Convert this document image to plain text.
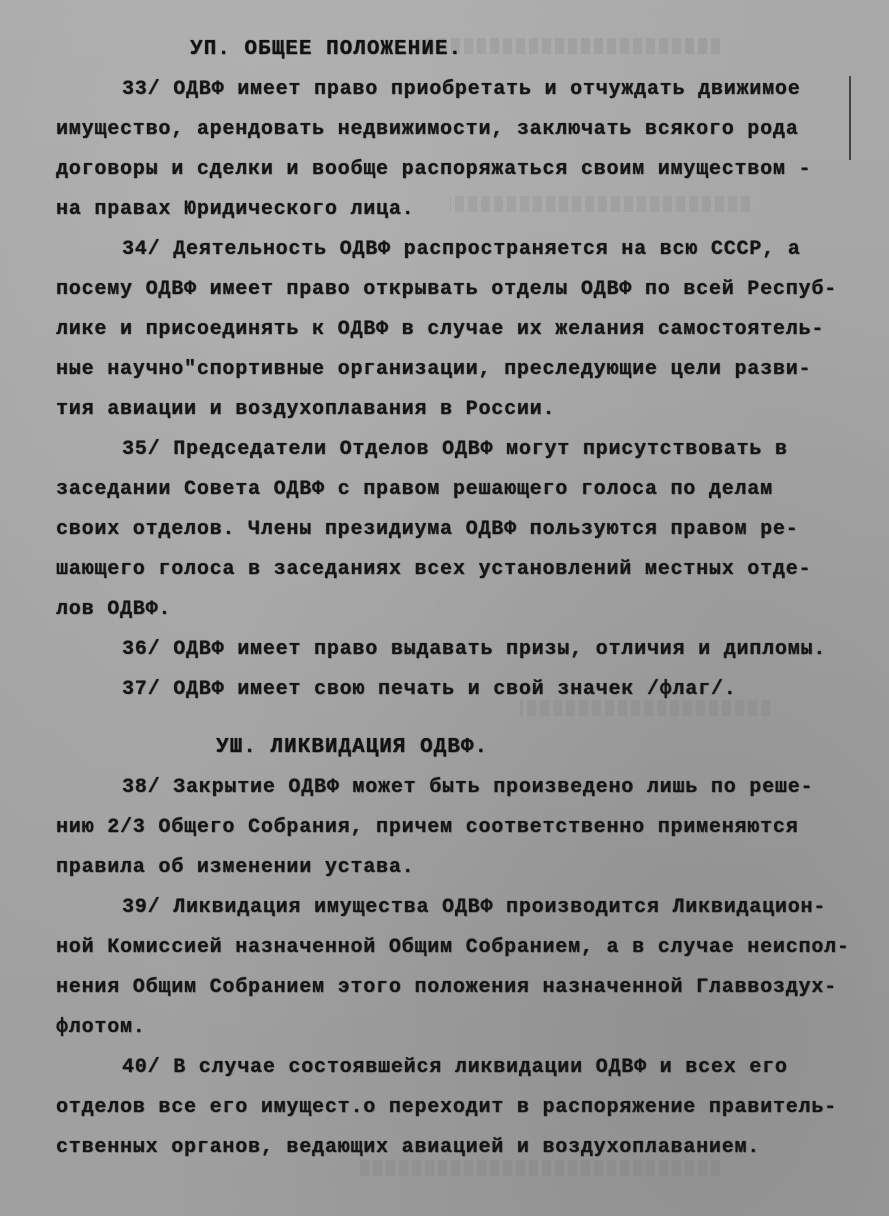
УП. ОБЩЕЕ ПОЛОЖЕНИЕ.
33/ ОДВФ имеет право приобретать и отчуждать движимое
имущество, арендовать недвижимости, заключать всякого рода
договоры и сделки и вообще распоряжаться своим имуществом -
на правах Юридического лица.
34/ Деятельность ОДВФ распространяется на всю СССР, а
посему ОДВФ имеет право открывать отделы ОДВФ по всей Респуб-
лике и присоединять к ОДВФ в случае их желания самостоятель-
ные научно"спортивные организации, преследующие цели разви-
тия авиации и воздухоплавания в России.
35/ Председатели Отделов ОДВФ могут присутствовать в
заседании Совета ОДВФ с правом решающего голоса по делам
своих отделов. Члены президиума ОДВФ пользуются правом ре-
шающего голоса в заседаниях всех установлений местных отде-
лов ОДВФ.
36/ ОДВФ имеет право выдавать призы, отличия и дипломы.
37/ ОДВФ имеет свою печать и свой значек /флаг/.
УШ. ЛИКВИДАЦИЯ ОДВФ.
38/ Закрытие ОДВФ может быть произведено лишь по реше-
нию 2/3 Общего Собрания, причем соответственно применяются
правила об изменении устава.
39/ Ликвидация имущества ОДВФ производится Ликвидацион-
ной Комиссией назначенной Общим Собранием, а в случае неиспол-
нения Общим Собранием этого положения назначенной Главвоздух-
флотом.
40/ В случае состоявшейся ликвидации ОДВФ и всех его
отделов все его имущест.о переходит в распоряжение правитель-
ственных органов, ведающих авиацией и воздухоплаванием.
